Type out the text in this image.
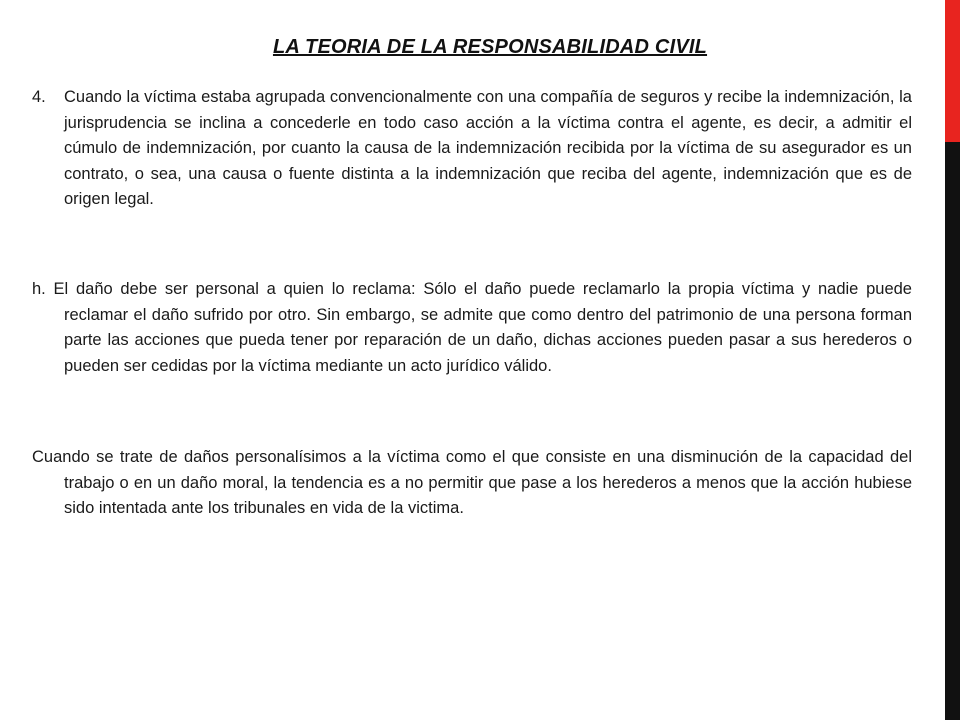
LA TEORIA DE LA RESPONSABILIDAD CIVIL

4. Cuando la víctima estaba agrupada convencionalmente con una compañía de seguros y recibe la indemnización, la jurisprudencia se inclina a concederle en todo caso acción a la víctima contra el agente, es decir, a admitir el cúmulo de indemnización, por cuanto la causa de la indemnización recibida por la víctima de su asegurador es un contrato, o sea, una causa o fuente distinta a la indemnización que reciba del agente, indemnización que es de origen legal.

h. El daño debe ser personal a quien lo reclama: Sólo el daño puede reclamarlo la propia víctima y nadie puede reclamar el daño sufrido por otro. Sin embargo, se admite que como dentro del patrimonio de una persona forman parte las acciones que pueda tener por reparación de un daño, dichas acciones pueden pasar a sus herederos o pueden ser cedidas por la víctima mediante un acto jurídico válido.

Cuando se trate de daños personalísimos a la víctima como el que consiste en una disminución de la capacidad del trabajo o en un daño moral, la tendencia es a no permitir que pase a los herederos a menos que la acción hubiese sido intentada ante los tribunales en vida de la victima.
